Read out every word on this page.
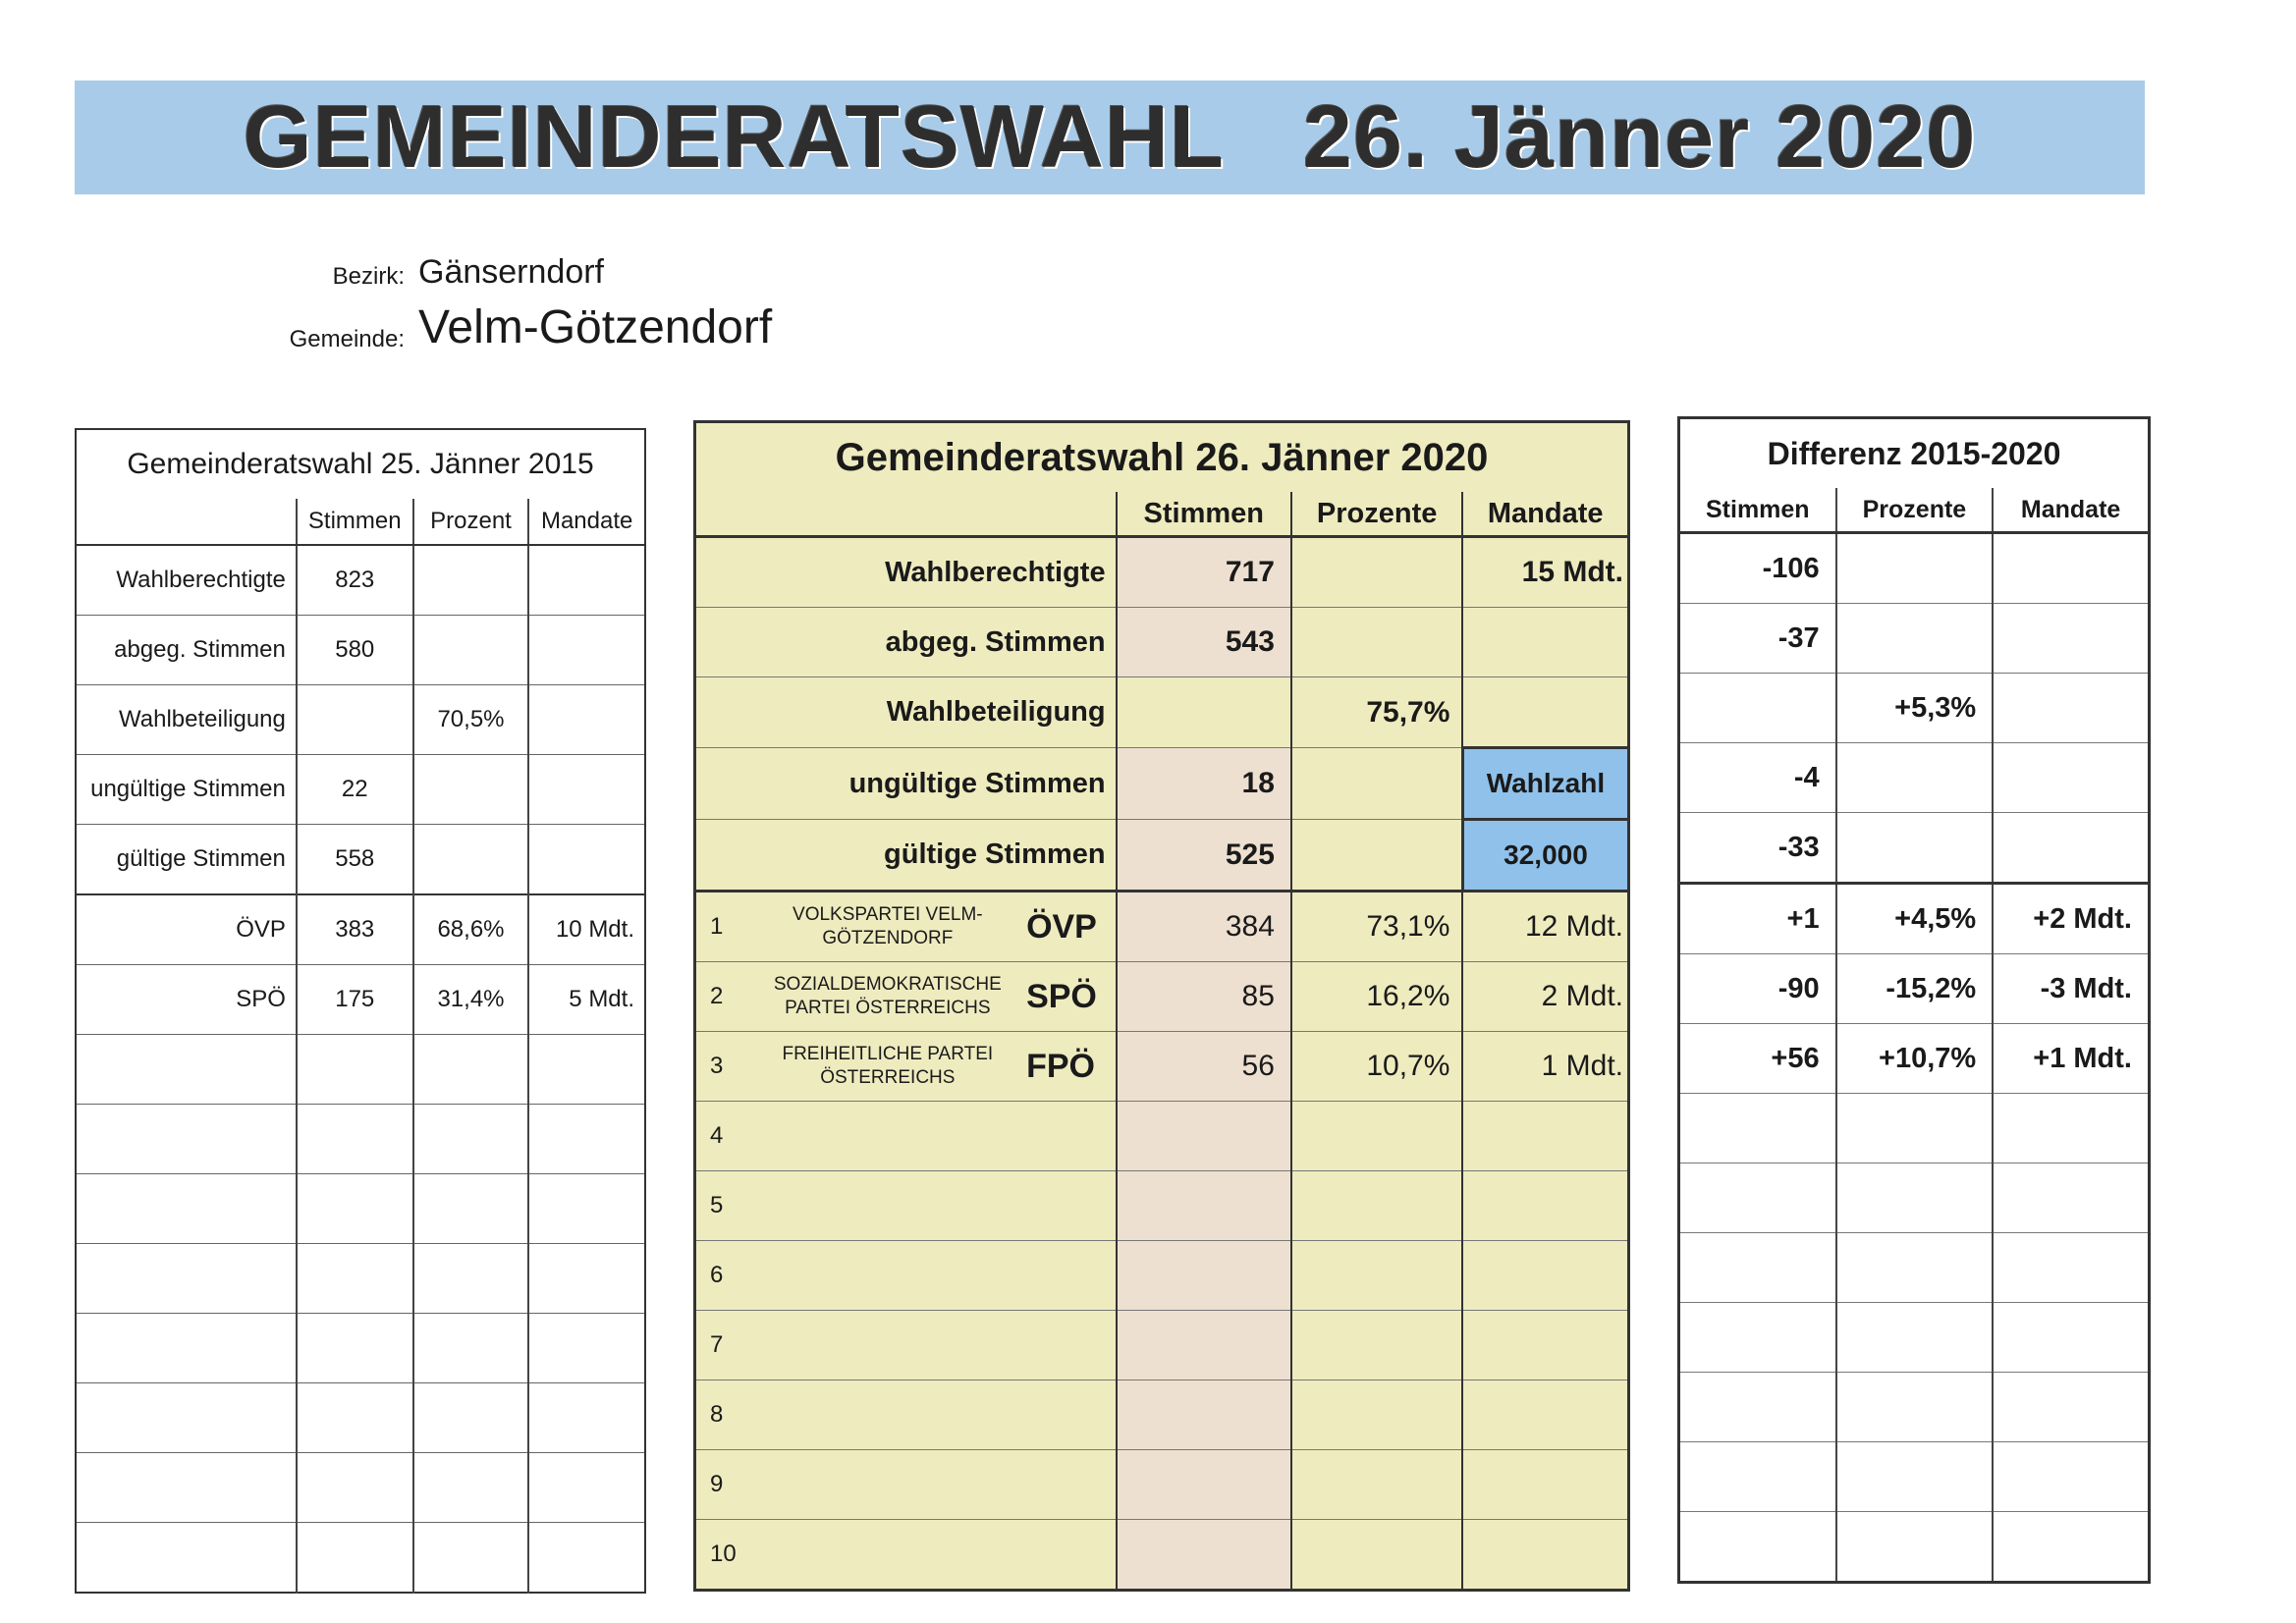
GEMEINDERATSWAHL 26. Jänner 2020
Bezirk: Gänserndorf
Gemeinde: Velm-Götzendorf
Gemeinderatswahl 25. Jänner 2015			
	Stimmen	Prozent	Mandate
Wahlberechtigte	823		
abgeg. Stimmen	580		
Wahlbeteiligung		70,5%	
ungültige Stimmen	22		
gültige Stimmen	558		
ÖVP	383	68,6%	10 Mdt.
SPÖ	175	31,4%	5 Mdt.

Gemeinderatswahl 26. Jänner 2020					
			Stimmen	Prozente	Mandate
Wahlberechtigte			717		15 Mdt.
abgeg. Stimmen			543		
Wahlbeteiligung				75,7%	
ungültige Stimmen			18		Wahlzahl
gültige Stimmen			525		32,000
1	VOLKSPARTEI VELM-GÖTZENDORF	ÖVP	384	73,1%	12 Mdt.
2	SOZIALDEMOKRATISCHE PARTEI ÖSTERREICHS	SPÖ	85	16,2%	2 Mdt.
3	FREIHEITLICHE PARTEI ÖSTERREICHS	FPÖ	56	10,7%	1 Mdt.
4					
5					
6					
7					
8					
9					
10					
Differenz 2015-2020		
Stimmen	Prozente	Mandate
-106		
-37		
	+5,3%	
-4		
-33		
+1	+4,5%	+2 Mdt.
-90	-15,2%	-3 Mdt.
+56	+10,7%	+1 Mdt.
